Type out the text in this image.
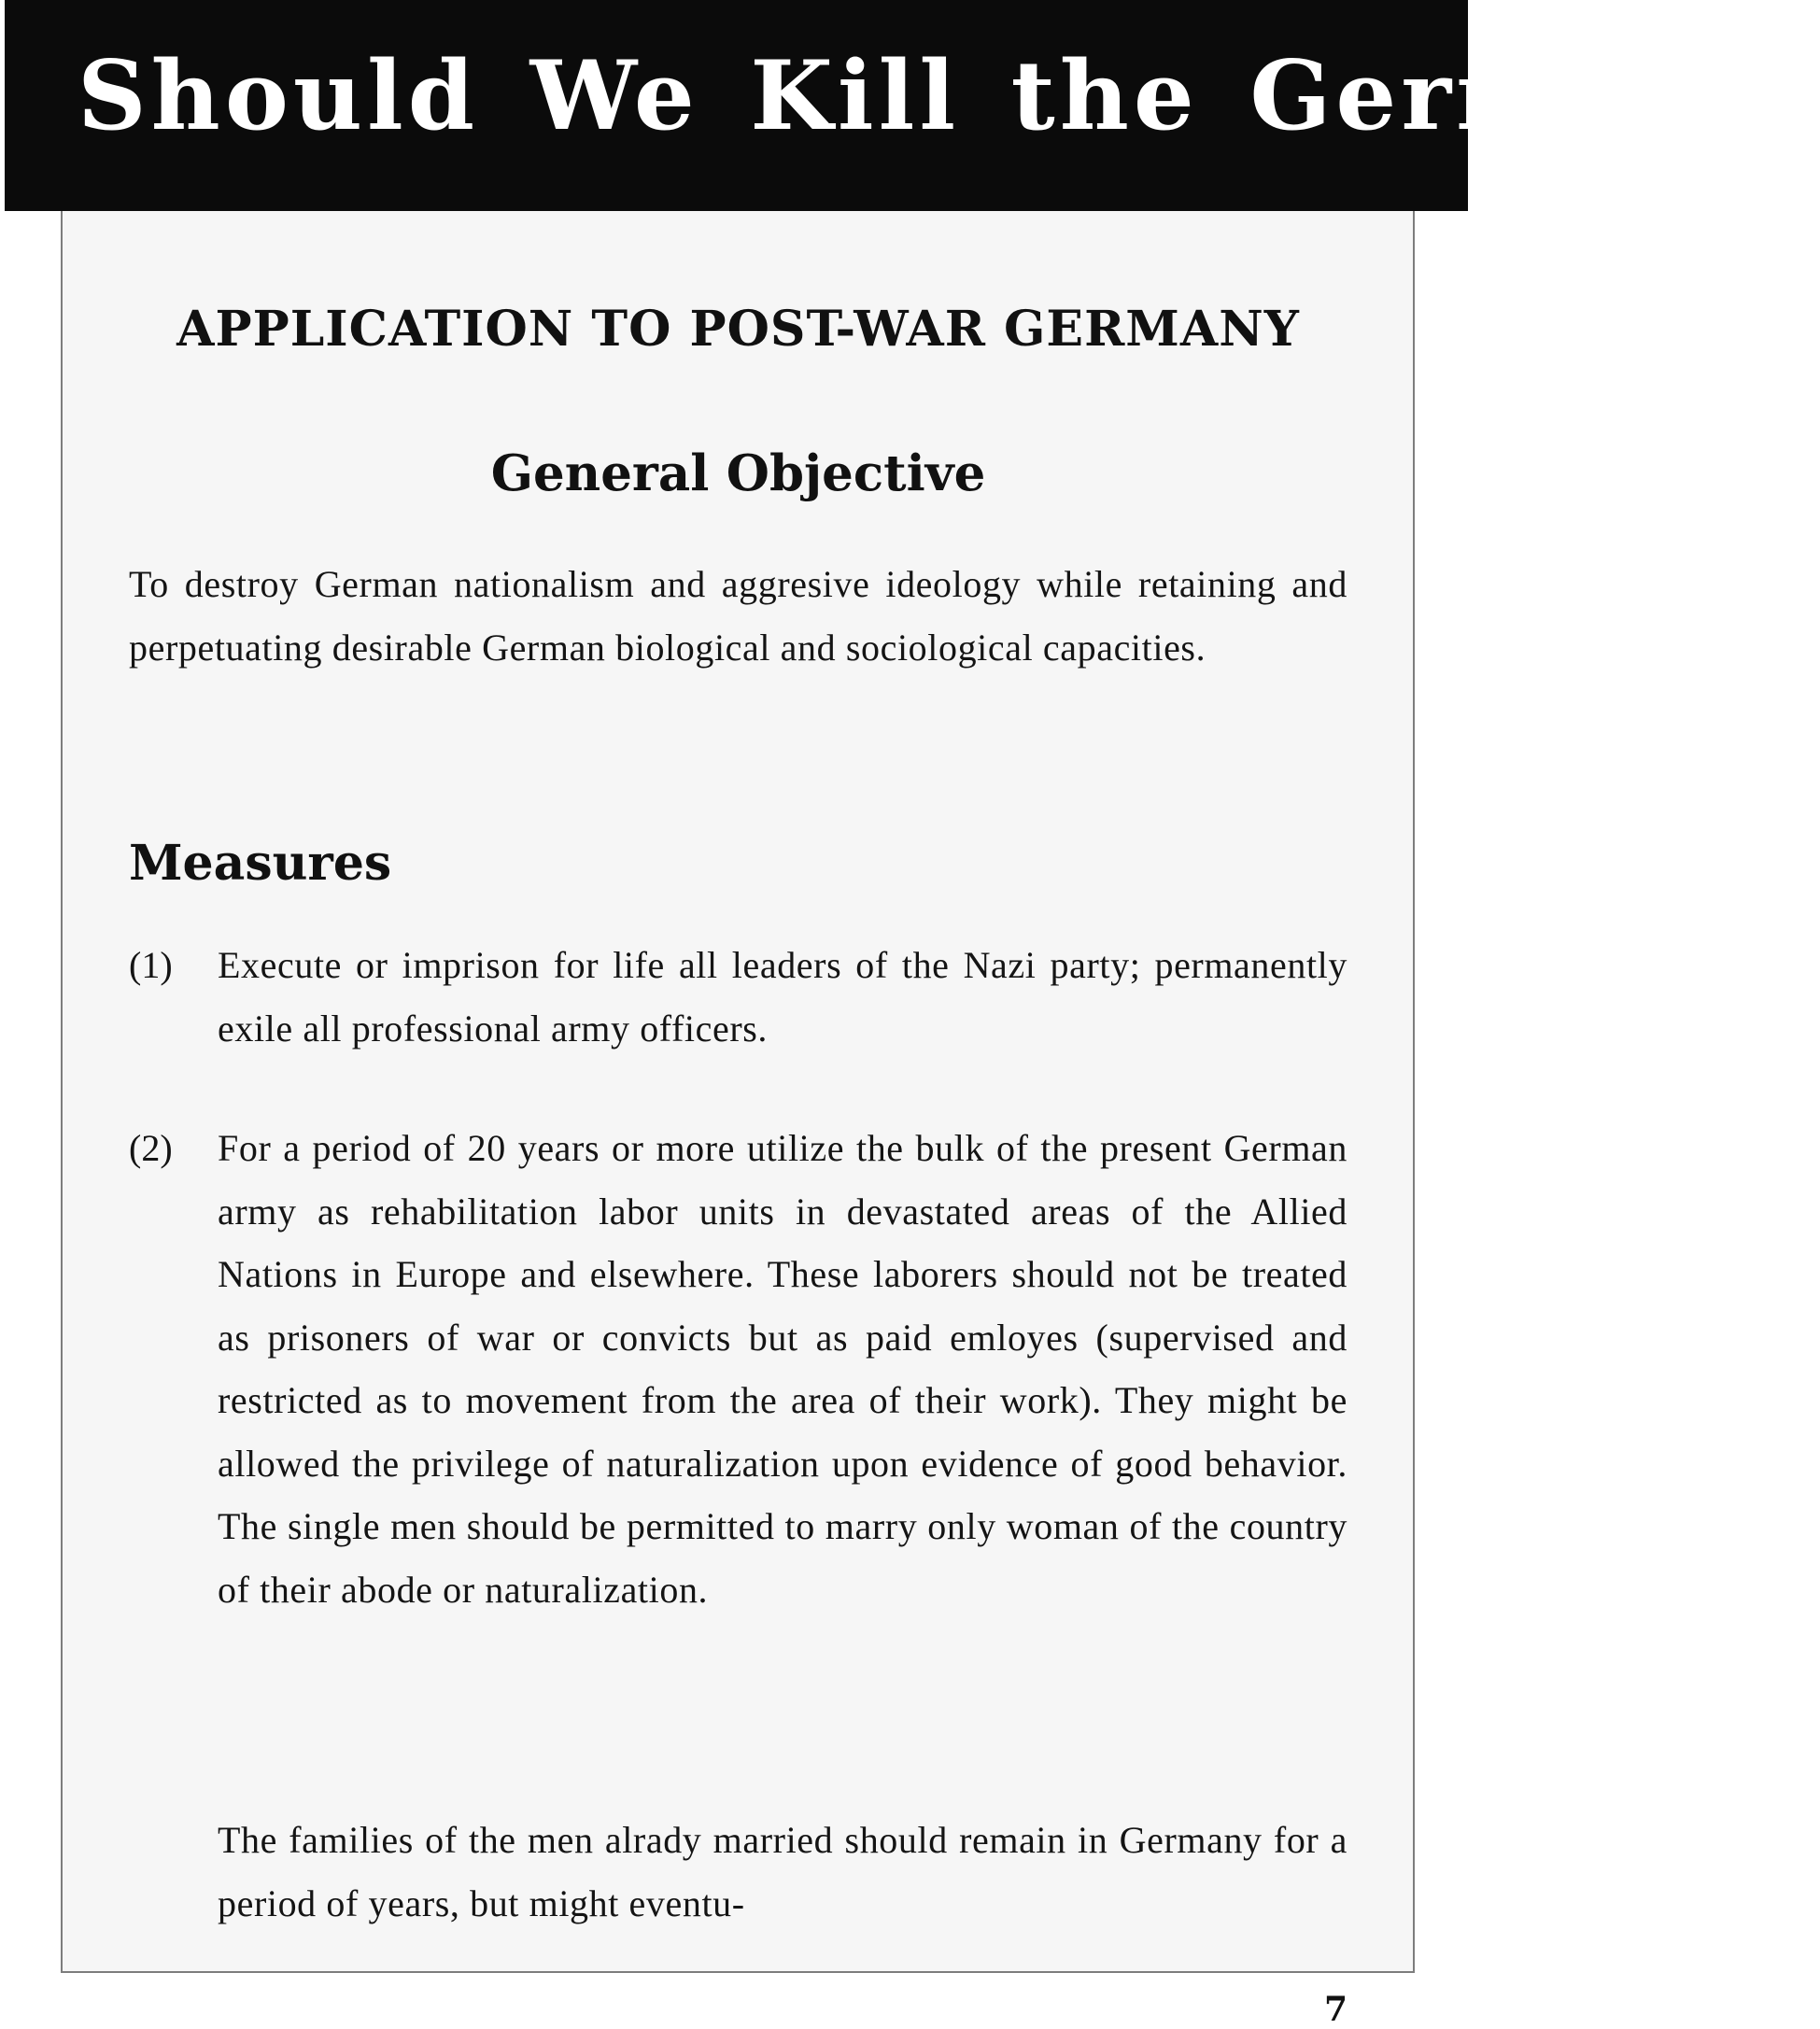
Should We Kill the Germans?
APPLICATION TO POST-WAR GERMANY
General Objective

To destroy German nationalism and aggresive ideology while retaining and perpetuating desirable German biological and sociological capacities.

Measures
(1) Execute or imprison for life all leaders of the Nazi party; permanently exile all professional army officers.

(2) For a period of 20 years or more utilize the bulk of the present German army as rehabilitation labor units in devastated areas of the Allied Nations in Europe and elsewhere. These laborers should not be treated as prisoners of war or convicts but as paid emloyes (supervised and restricted as to movement from the area of their work). They might be allowed the privilege of naturalization upon evidence of good behavior. The single men should be permitted to marry only woman of the country of their abode or naturalization.

The families of the men alrady married should remain in Germany for a period of years, but might eventu-

7
